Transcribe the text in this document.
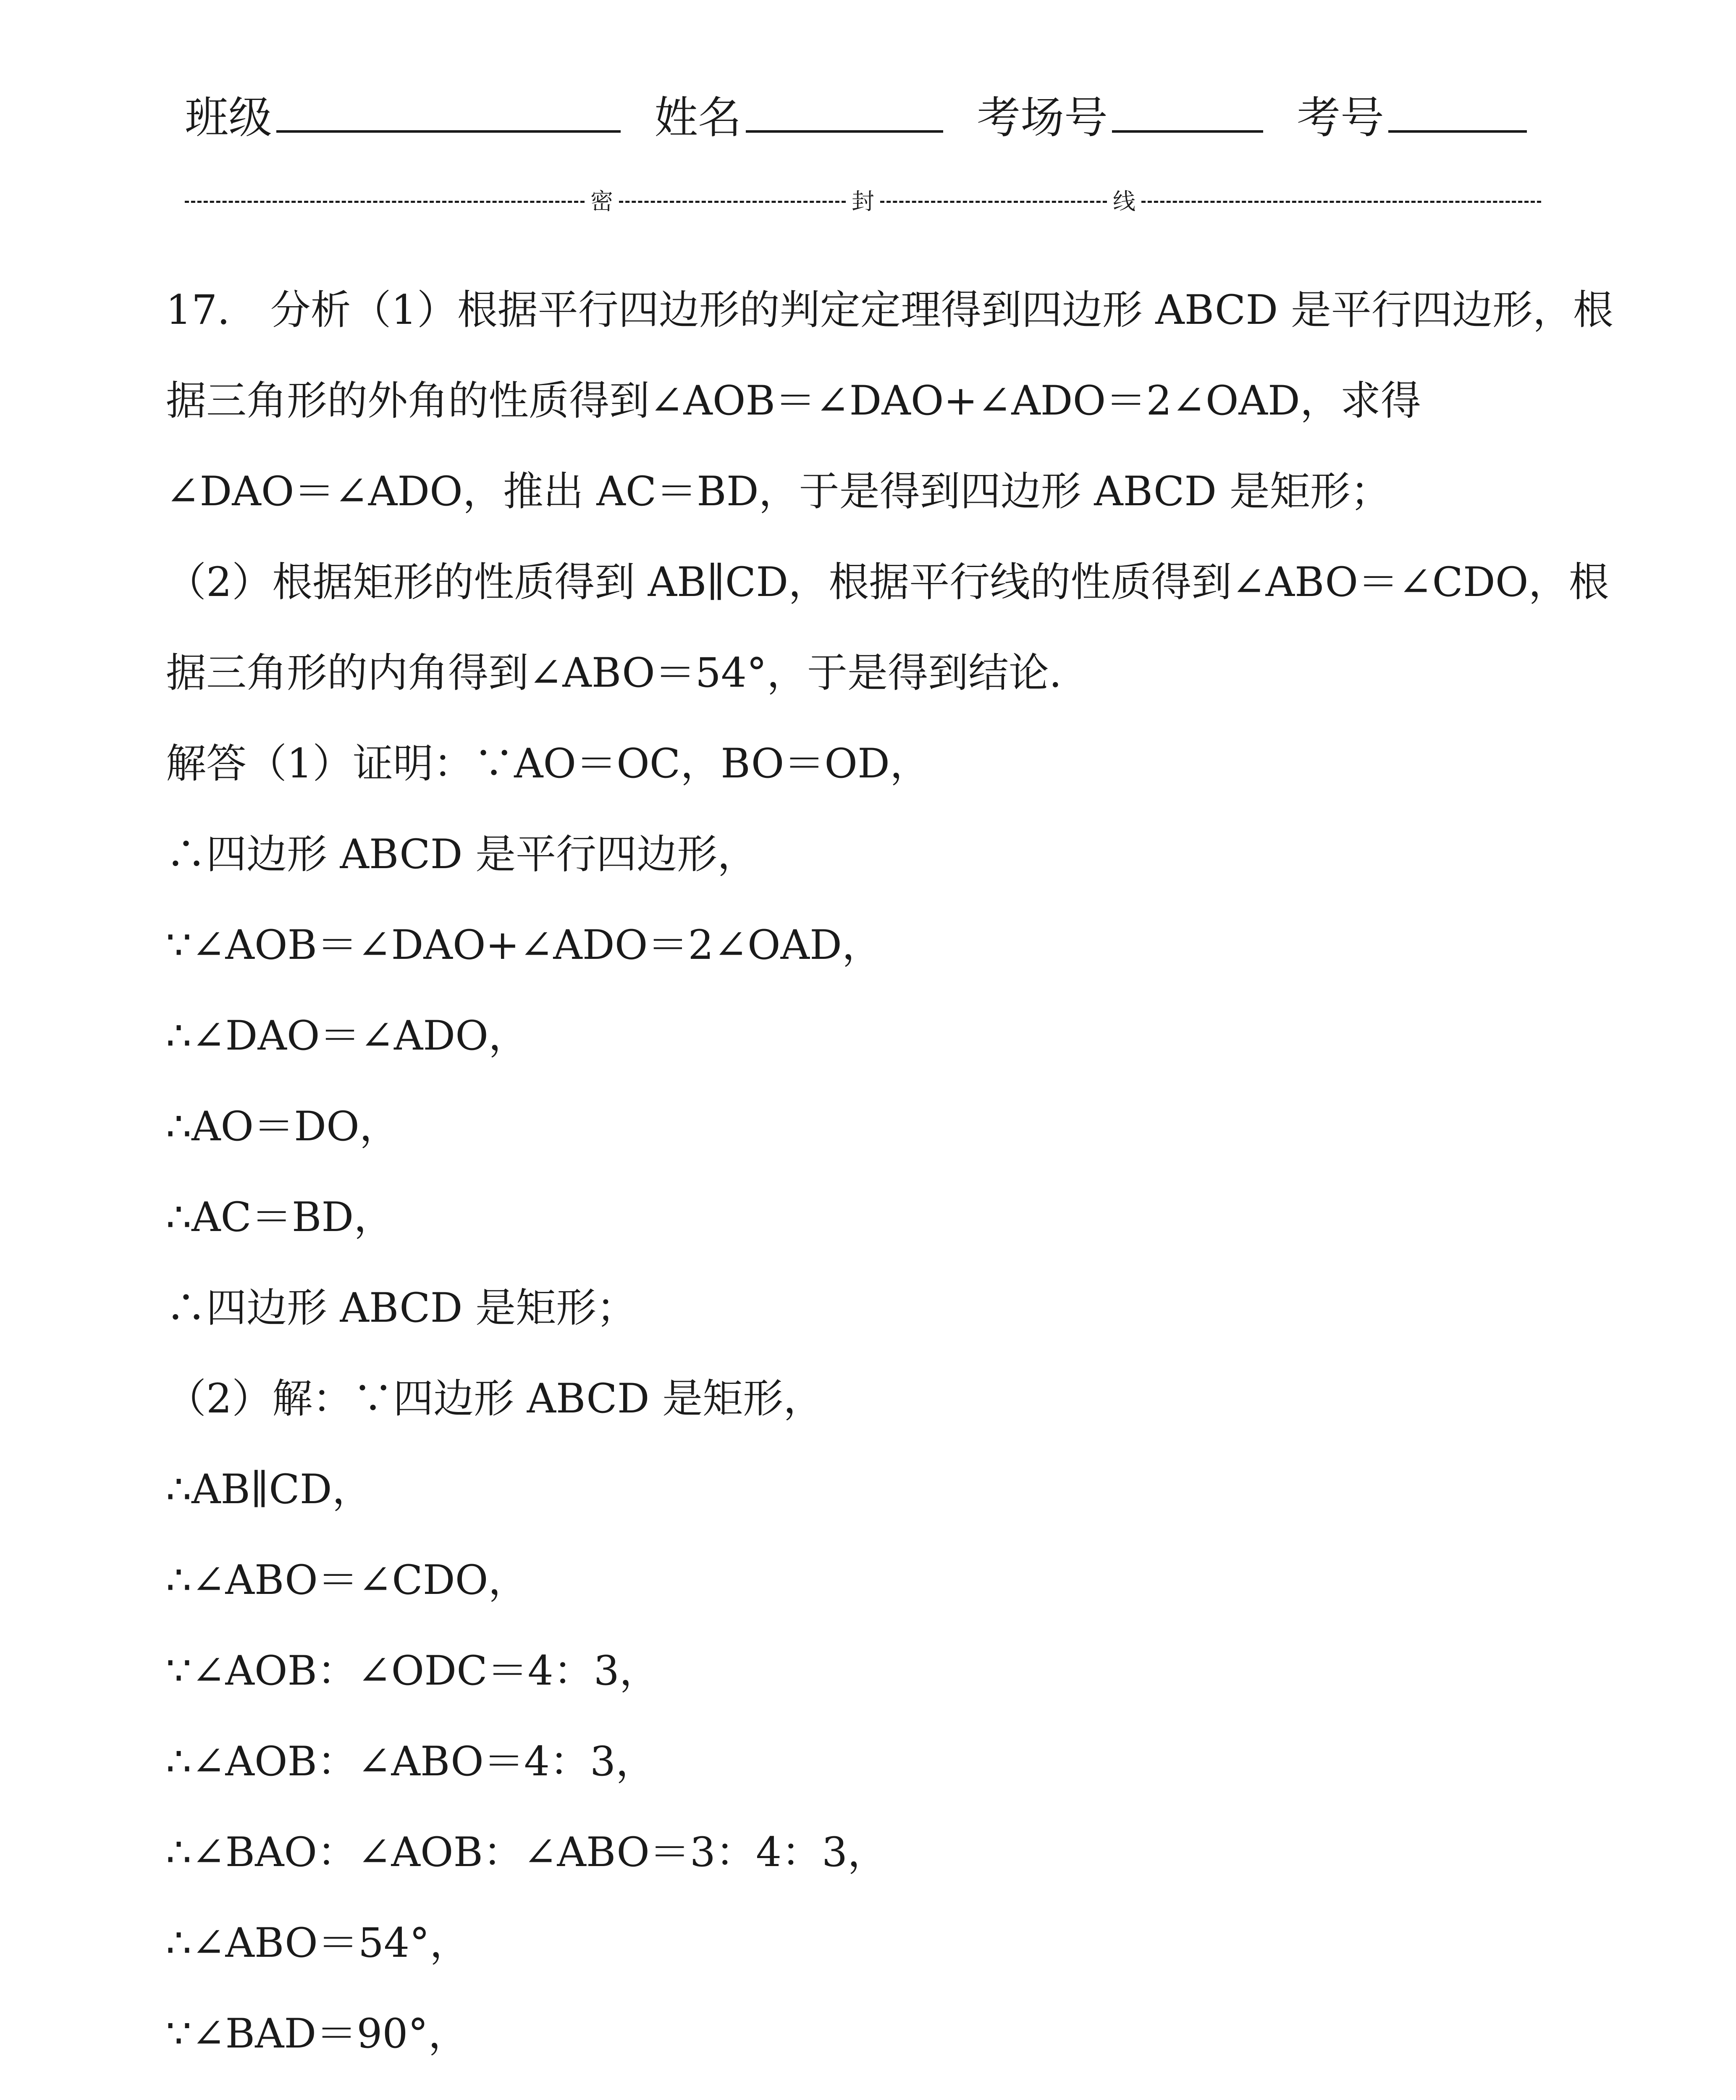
班级	姓名	考场号	考号
密	封	线

17.　分析（1）根据平行四边形的判定定理得到四边形 ABCD 是平行四边形，根

据三角形的外角的性质得到∠AOB＝∠DAO+∠ADO＝2∠OAD，求得

∠DAO＝∠ADO，推出 AC＝BD，于是得到四边形 ABCD 是矩形；

（2）根据矩形的性质得到 AB∥CD，根据平行线的性质得到∠ABO＝∠CDO，根

据三角形的内角得到∠ABO＝54°，于是得到结论.

解答（1）证明：∵AO＝OC，BO＝OD，

∴四边形 ABCD 是平行四边形，

∵∠AOB＝∠DAO+∠ADO＝2∠OAD，

∴∠DAO＝∠ADO，

∴AO＝DO，

∴AC＝BD，

∴四边形 ABCD 是矩形；

（2）解：∵四边形 ABCD 是矩形，

∴AB∥CD，

∴∠ABO＝∠CDO，

∵∠AOB：∠ODC＝4：3，

∴∠AOB：∠ABO＝4：3，

∴∠BAO：∠AOB：∠ABO＝3：4：3，

∴∠ABO＝54°，

∵∠BAD＝90°，
